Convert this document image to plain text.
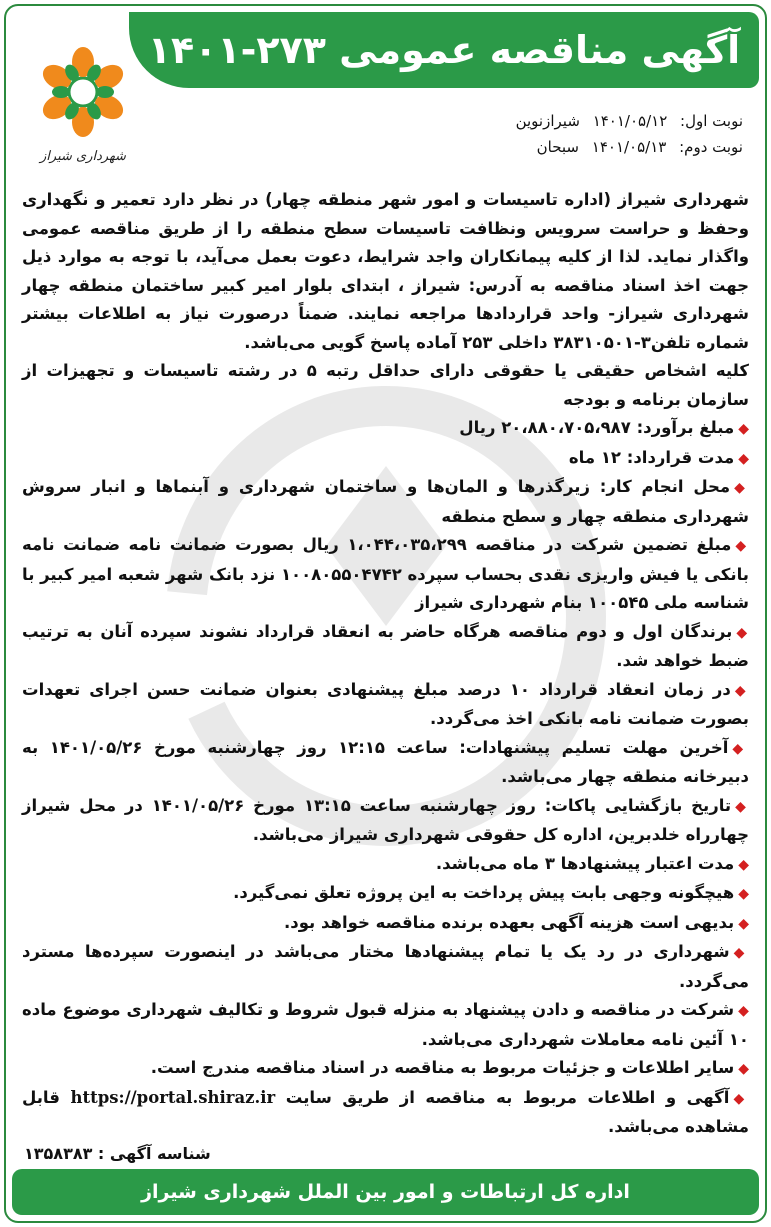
آگهی مناقصه عمومی ۲۷۳-۱۴۰۱
شهرداری شیراز
نوبت اول: ۱۴۰۱/۰۵/۱۲ شیرازنوین
نوبت دوم: ۱۴۰۱/۰۵/۱۳ سبحان

شهرداری شیراز (اداره تاسیسات و امور شهر منطقه چهار) در نظر دارد تعمیر و نگهداری وحفظ و حراست سرویس ونظافت تاسیسات سطح منطقه را از طریق مناقصه عمومی واگذار نماید. لذا از کلیه پیمانکاران واجد شرایط، دعوت بعمل می‌آید، با توجه به موارد ذیل جهت اخذ اسناد مناقصه به آدرس: شیراز ، ابتدای بلوار امیر کبیر ساختمان منطقه چهار شهرداری شیراز- واحد قراردادها مراجعه نمایند. ضمناً درصورت نیاز به اطلاعات بیشتر شماره تلفن۳-۳۸۳۱۰۵۰۱ داخلی ۲۵۳ آماده پاسخ گویی می‌باشد.

کلیه اشخاص حقیقی یا حقوقی دارای حداقل رتبه ۵ در رشته تاسیسات و تجهیزات از سازمان برنامه و بودجه

◆مبلغ برآورد: ۲۰،۸۸۰،۷۰۵،۹۸۷ ریال

◆مدت قرارداد: ۱۲ ماه

◆محل انجام کار: زیرگذرها و المان‌ها و ساختمان شهرداری و آبنماها و انبار سروش شهرداری منطقه چهار و سطح منطقه

◆مبلغ تضمین شرکت در مناقصه ۱،۰۴۴،۰۳۵،۲۹۹ ریال بصورت ضمانت نامه ضمانت نامه بانکی یا فیش واریزی نقدی بحساب سپرده ۱۰۰۸۰۵۵۰۴۷۴۲ نزد بانک شهر شعبه امیر کبیر با شناسه ملی ۱۰۰۵۴۵ بنام شهرداری شیراز

◆برندگان اول و دوم مناقصه هرگاه حاضر به انعقاد قرارداد نشوند سپرده آنان به ترتیب ضبط خواهد شد.

◆در زمان انعقاد قرارداد ۱۰ درصد مبلغ پیشنهادی بعنوان ضمانت حسن اجرای تعهدات بصورت ضمانت نامه بانکی اخذ می‌گردد.

◆آخرین مهلت تسلیم پیشنهادات: ساعت ۱۲:۱۵ روز چهارشنبه مورخ ۱۴۰۱/۰۵/۲۶ به دبیرخانه منطقه چهار می‌باشد.

◆تاریخ بازگشایی پاکات: روز چهارشنبه ساعت ۱۳:۱۵ مورخ ۱۴۰۱/۰۵/۲۶ در محل شیراز چهارراه خلدبرین، اداره کل حقوقی شهرداری شیراز می‌باشد.

◆مدت اعتبار پیشنهادها ۳ ماه می‌باشد.

◆هیچگونه وجهی بابت پیش پرداخت به این پروژه تعلق نمی‌گیرد.

◆بدیهی است هزینه آگهی بعهده برنده مناقصه خواهد بود.

◆شهرداری در رد یک یا تمام پیشنهادها مختار می‌باشد در اینصورت سپرده‌ها مسترد می‌گردد.

◆شرکت در مناقصه و دادن پیشنهاد به منزله قبول شروط و تکالیف شهرداری موضوع ماده ۱۰ آئین نامه معاملات شهرداری می‌باشد.

◆سایر اطلاعات و جزئیات مربوط به مناقصه در اسناد مناقصه مندرج است.

◆آگهی و اطلاعات مربوط به مناقصه از طریق سایت https://portal.shiraz.ir قابل مشاهده می‌باشد.

شناسه آگهی : ۱۳۵۸۳۸۳
اداره کل ارتباطات و امور بین الملل شهرداری شیراز
